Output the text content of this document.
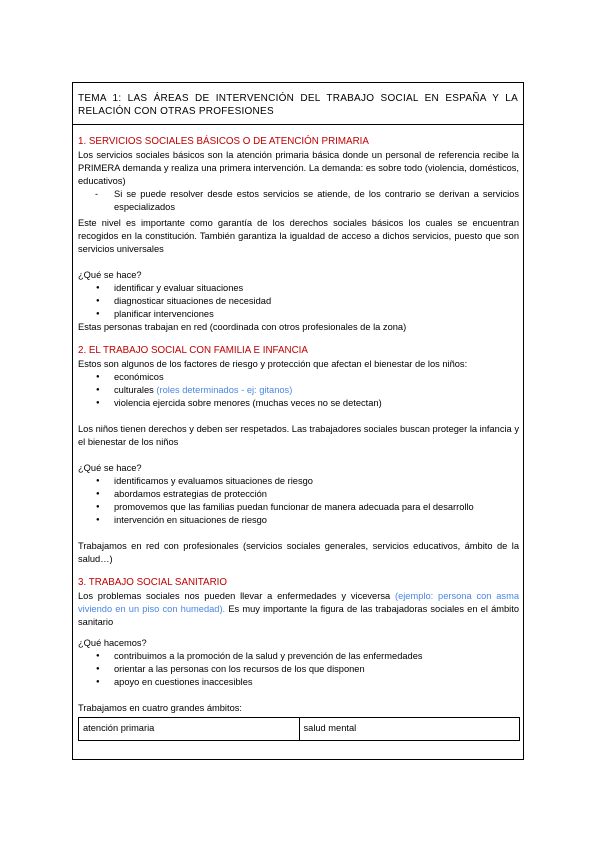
TEMA 1: LAS ÁREAS DE INTERVENCIÓN DEL TRABAJO SOCIAL EN ESPAÑA Y LA RELACIÓN CON OTRAS PROFESIONES
1. SERVICIOS SOCIALES BÁSICOS O DE ATENCIÓN PRIMARIA

Los servicios sociales básicos son la atención primaria básica donde un personal de referencia recibe la PRIMERA demanda y realiza una primera intervención. La demanda: es sobre todo (violencia, domésticos, educativos)

- Si se puede resolver desde estos servicios se atiende, de los contrario se derivan a servicios especializados

Este nivel es importante como garantía de los derechos sociales básicos los cuales se encuentran recogidos en la constitución. También garantiza la igualdad de acceso a dichos servicios, puesto que son servicios universales

¿Qué se hace?

● identificar y evaluar situaciones
● diagnosticar situaciones de necesidad
● planificar intervenciones

Estas personas trabajan en red (coordinada con otros profesionales de la zona)

2. EL TRABAJO SOCIAL CON FAMILIA E INFANCIA

Estos son algunos de los factores de riesgo y protección que afectan el bienestar de los niños:

● económicos
● culturales (roles determinados - ej: gitanos)
● violencia ejercida sobre menores (muchas veces no se detectan)

Los niños tienen derechos y deben ser respetados. Las trabajadores sociales buscan proteger la infancia y el bienestar de los niños

¿Qué se hace?

● identificamos y evaluamos situaciones de riesgo
● abordamos estrategias de protección
● promovemos que las familias puedan funcionar de manera adecuada para el desarrollo
● intervención en situaciones de riesgo

Trabajamos en red con profesionales (servicios sociales generales, servicios educativos, ámbito de la salud…)

3. TRABAJO SOCIAL SANITARIO

Los problemas sociales nos pueden llevar a enfermedades y viceversa (ejemplo: persona con asma viviendo en un piso con humedad). Es muy importante la figura de las trabajadoras sociales en el ámbito sanitario

¿Qué hacemos?

● contribuimos a la promoción de la salud y prevención de las enfermedades
● orientar a las personas con los recursos de los que disponen
● apoyo en cuestiones inaccesibles

Trabajamos en cuatro grandes ámbitos:

atención primaria	salud mental
